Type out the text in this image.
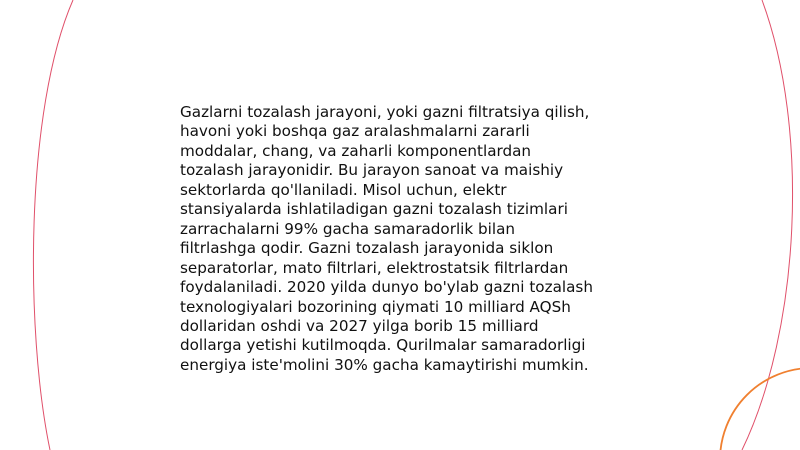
Gazlarni tozalash jarayoni, yoki gazni filtratsiya qilish,
havoni yoki boshqa gaz aralashmalarni zararli
moddalar, chang, va zaharli komponentlardan
tozalash jarayonidir. Bu jarayon sanoat va maishiy
sektorlarda qo'llaniladi. Misol uchun, elektr
stansiyalarda ishlatiladigan gazni tozalash tizimlari
zarrachalarni 99% gacha samaradorlik bilan
filtrlashga qodir. Gazni tozalash jarayonida siklon
separatorlar, mato filtrlari, elektrostatsik filtrlardan
foydalaniladi. 2020 yilda dunyo bo'ylab gazni tozalash
texnologiyalari bozorining qiymati 10 milliard AQSh
dollaridan oshdi va 2027 yilga borib 15 milliard
dollarga yetishi kutilmoqda. Qurilmalar samaradorligi
energiya iste'molini 30% gacha kamaytirishi mumkin.
